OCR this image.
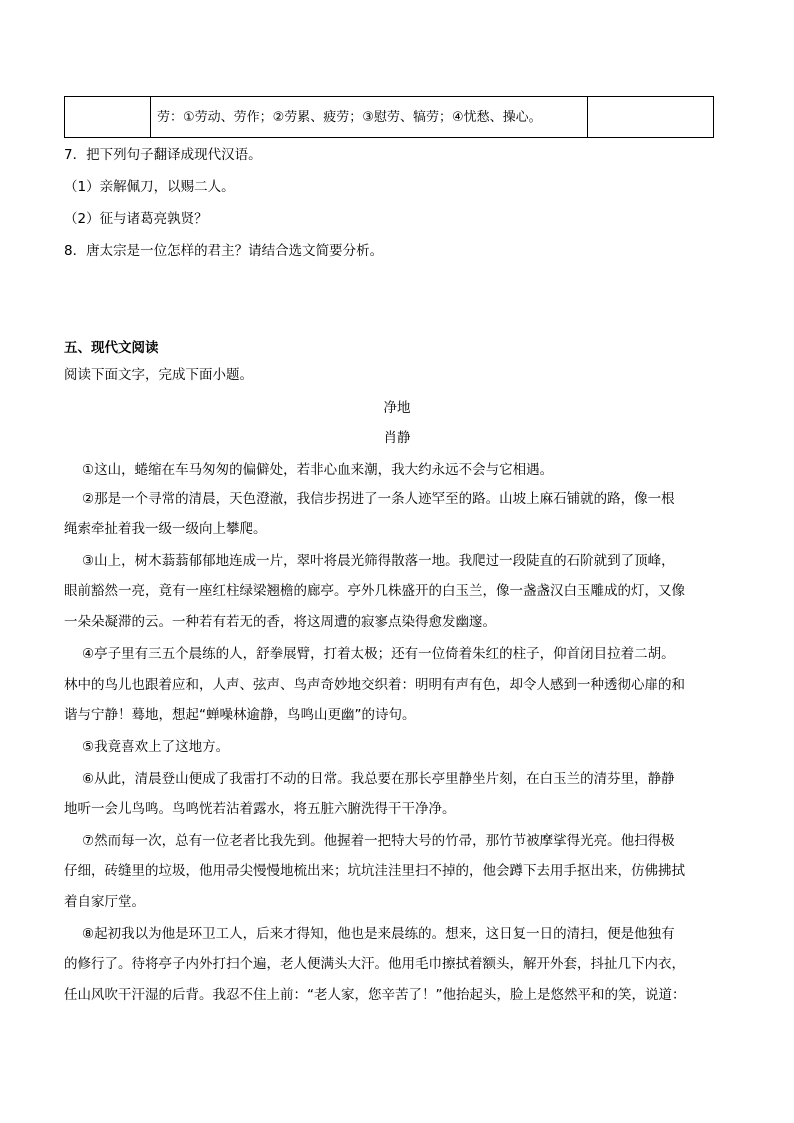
劳：①劳动、劳作；②劳累、疲劳；③慰劳、犒劳；④忧愁、操心。
7．把下列句子翻译成现代汉语。
（1）亲解佩刀，以赐二人。
（2）征与诸葛亮孰贤？
8．唐太宗是一位怎样的君主？请结合选文简要分析。
五、现代文阅读
阅读下面文字，完成下面小题。
净地
肖静
①这山，蜷缩在车马匆匆的偏僻处，若非心血来潮，我大约永远不会与它相遇。
②那是一个寻常的清晨，天色澄澈，我信步拐进了一条人迹罕至的路。山坡上麻石铺就的路，像一根
绳索牵扯着我一级一级向上攀爬。
③山上，树木蓊蓊郁郁地连成一片，翠叶将晨光筛得散落一地。我爬过一段陡直的石阶就到了顶峰，
眼前豁然一亮，竟有一座红柱绿梁翘檐的廊亭。亭外几株盛开的白玉兰，像一盏盏汉白玉雕成的灯，又像
一朵朵凝滞的云。一种若有若无的香，将这周遭的寂寥点染得愈发幽邃。
④亭子里有三五个晨练的人，舒拳展臂，打着太极；还有一位倚着朱红的柱子，仰首闭目拉着二胡。
林中的鸟儿也跟着应和，人声、弦声、鸟声奇妙地交织着：明明有声有色，却令人感到一种透彻心扉的和
谐与宁静！蓦地，想起“蝉噪林逾静，鸟鸣山更幽”的诗句。
⑤我竟喜欢上了这地方。
⑥从此，清晨登山便成了我雷打不动的日常。我总要在那长亭里静坐片刻，在白玉兰的清芬里，静静
地听一会儿鸟鸣。鸟鸣恍若沾着露水，将五脏六腑洗得干干净净。
⑦然而每一次，总有一位老者比我先到。他握着一把特大号的竹帚，那竹节被摩挲得光亮。他扫得极
仔细，砖缝里的垃圾，他用帚尖慢慢地梳出来；坑坑洼洼里扫不掉的，他会蹲下去用手抠出来，仿佛拂拭
着自家厅堂。
⑧起初我以为他是环卫工人，后来才得知，他也是来晨练的。想来，这日复一日的清扫，便是他独有
的修行了。待将亭子内外打扫个遍，老人便满头大汗。他用毛巾擦拭着额头，解开外套，抖扯几下内衣，
任山风吹干汗湿的后背。我忍不住上前：“老人家，您辛苦了！”他抬起头，脸上是悠然平和的笑，说道：
